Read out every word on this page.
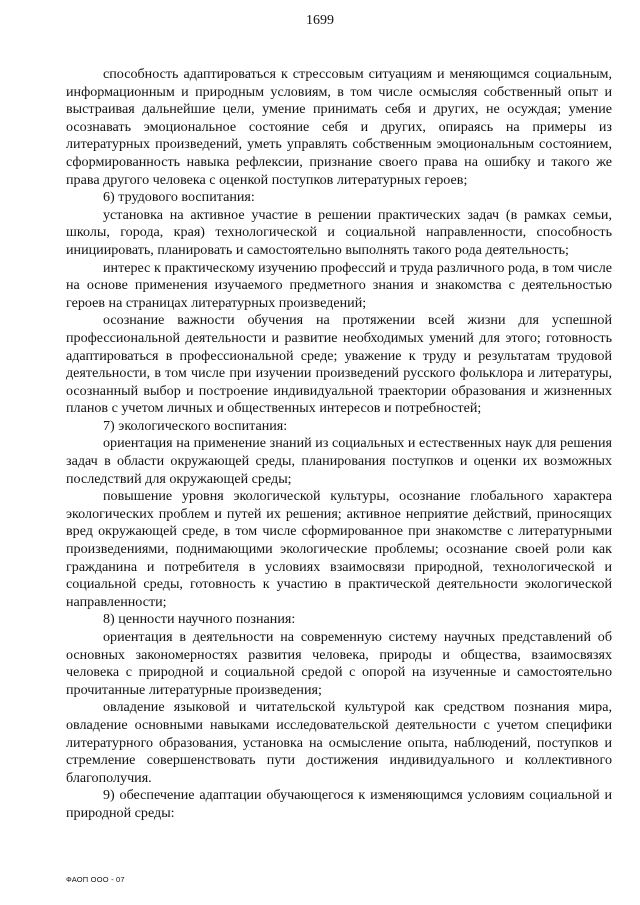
1699

способность адаптироваться к стрессовым ситуациям и меняющимся социальным, информационным и природным условиям, в том числе осмысляя собственный опыт и выстраивая дальнейшие цели, умение принимать себя и других, не осуждая; умение осознавать эмоциональное состояние себя и других, опираясь на примеры из литературных произведений, уметь управлять собственным эмоциональным состоянием, сформированность навыка рефлексии, признание своего права на ошибку и такого же права другого человека с оценкой поступков литературных героев;

6) трудового воспитания:

установка на активное участие в решении практических задач (в рамках семьи, школы, города, края) технологической и социальной направленности, способность инициировать, планировать и самостоятельно выполнять такого рода деятельность;

интерес к практическому изучению профессий и труда различного рода, в том числе на основе применения изучаемого предметного знания и знакомства с деятельностью героев на страницах литературных произведений;

осознание важности обучения на протяжении всей жизни для успешной профессиональной деятельности и развитие необходимых умений для этого; готовность адаптироваться в профессиональной среде; уважение к труду и результатам трудовой деятельности, в том числе при изучении произведений русского фольклора и литературы, осознанный выбор и построение индивидуальной траектории образования и жизненных планов с учетом личных и общественных интересов и потребностей;

7) экологического воспитания:

ориентация на применение знаний из социальных и естественных наук для решения задач в области окружающей среды, планирования поступков и оценки их возможных последствий для окружающей среды;

повышение уровня экологической культуры, осознание глобального характера экологических проблем и путей их решения; активное неприятие действий, приносящих вред окружающей среде, в том числе сформированное при знакомстве с литературными произведениями, поднимающими экологические проблемы; осознание своей роли как гражданина и потребителя в условиях взаимосвязи природной, технологической и социальной среды, готовность к участию в практической деятельности экологической направленности;

8) ценности научного познания:

ориентация в деятельности на современную систему научных представлений об основных закономерностях развития человека, природы и общества, взаимосвязях человека с природной и социальной средой с опорой на изученные и самостоятельно прочитанные литературные произведения;

овладение языковой и читательской культурой как средством познания мира, овладение основными навыками исследовательской деятельности с учетом специфики литературного образования, установка на осмысление опыта, наблюдений, поступков и стремление совершенствовать пути достижения индивидуального и коллективного благополучия.

9) обеспечение адаптации обучающегося к изменяющимся условиям социальной и природной среды:

ФАОП ООО - 07
